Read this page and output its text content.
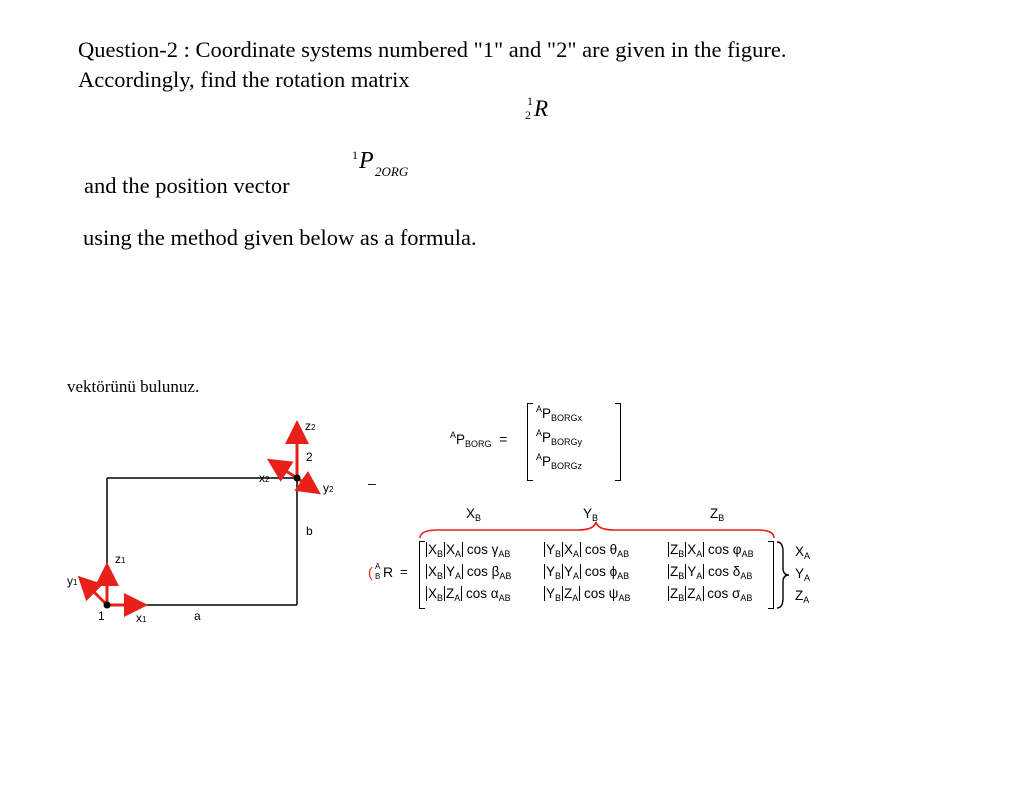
Question-2 : Coordinate systems numbered "1" and "2" are given in the figure.
Accordingly, find the rotation matrix
1
2 R
1 P 2ORG
and the position vector
using the method given below as a formula.
vektörünü bulunuz.
z1
y1
x1
1	a
z2
2
x2
y2
b
–
$^AP_{BORG}$ =
$^AP_{BORGx}$
$^AP_{BORGy}$
$^AP_{BORGz}$
$X_B$	$Y_B$	$Z_B$
( A
B R =
$X_B$ $X_A$ $\cos \gamma_{AB}$	$Y_B$ $X_A$ $\cos \theta_{AB}$	$Z_B$ $X_A$ $\cos \varphi_{AB}$
$X_B$ $Y_A$ $\cos \beta_{AB}$	$Y_B$ $Y_A$ $\cos \phi_{AB}$	$Z_B$ $Y_A$ $\cos \delta_{AB}$
$X_B$ $Z_A$ $\cos \alpha_{AB}$	$Y_B$ $Z_A$ $\cos \psi_{AB}$	$Z_B$ $Z_A$ $\cos \sigma_{AB}$
$X_A$
$Y_A$
$Z_A$
